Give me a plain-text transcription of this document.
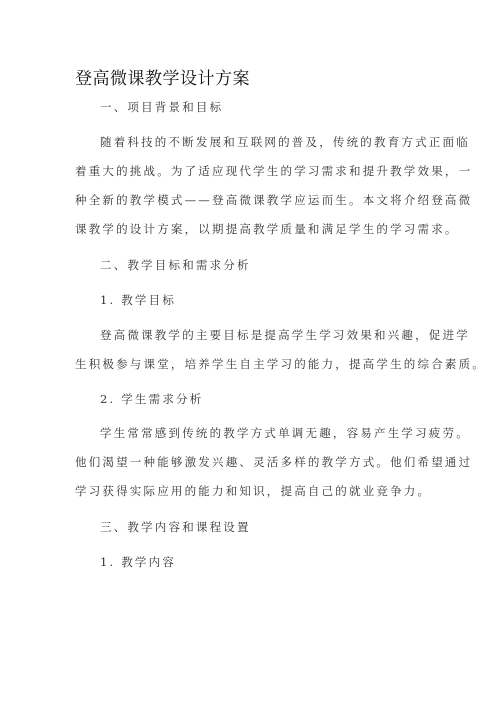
登高微课教学设计方案
一、项目背景和目标
随着科技的不断发展和互联网的普及，传统的教育方式正面临
着重大的挑战。为了适应现代学生的学习需求和提升教学效果，一
种全新的教学模式——登高微课教学应运而生。本文将介绍登高微
课教学的设计方案，以期提高教学质量和满足学生的学习需求。
二、教学目标和需求分析
1. 教学目标
登高微课教学的主要目标是提高学生学习效果和兴趣，促进学
生积极参与课堂，培养学生自主学习的能力，提高学生的综合素质。
2. 学生需求分析
学生常常感到传统的教学方式单调无趣，容易产生学习疲劳。
他们渴望一种能够激发兴趣、灵活多样的教学方式。他们希望通过
学习获得实际应用的能力和知识，提高自己的就业竞争力。
三、教学内容和课程设置
1. 教学内容
